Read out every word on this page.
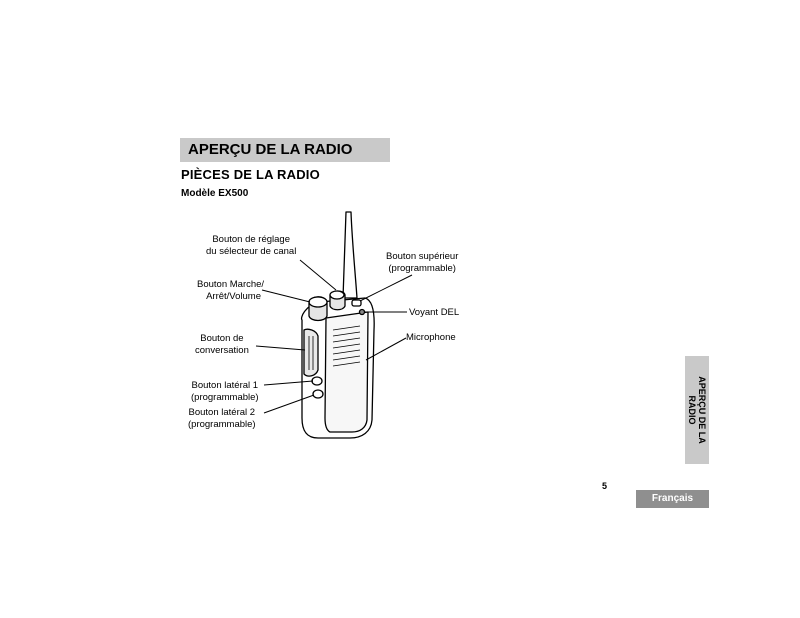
APERÇU DE LA RADIO
PIÈCES DE LA RADIO
Modèle EX500
Bouton de réglage
du sélecteur de canal	Bouton supérieur
(programmable)
Bouton Marche/
Arrêt/Volume
Voyant DEL
Bouton de
conversation
Microphone
Bouton latéral 1
(programmable)
Bouton latéral 2
(programmable)	APERÇU DE LA
RADIO
5
Français
